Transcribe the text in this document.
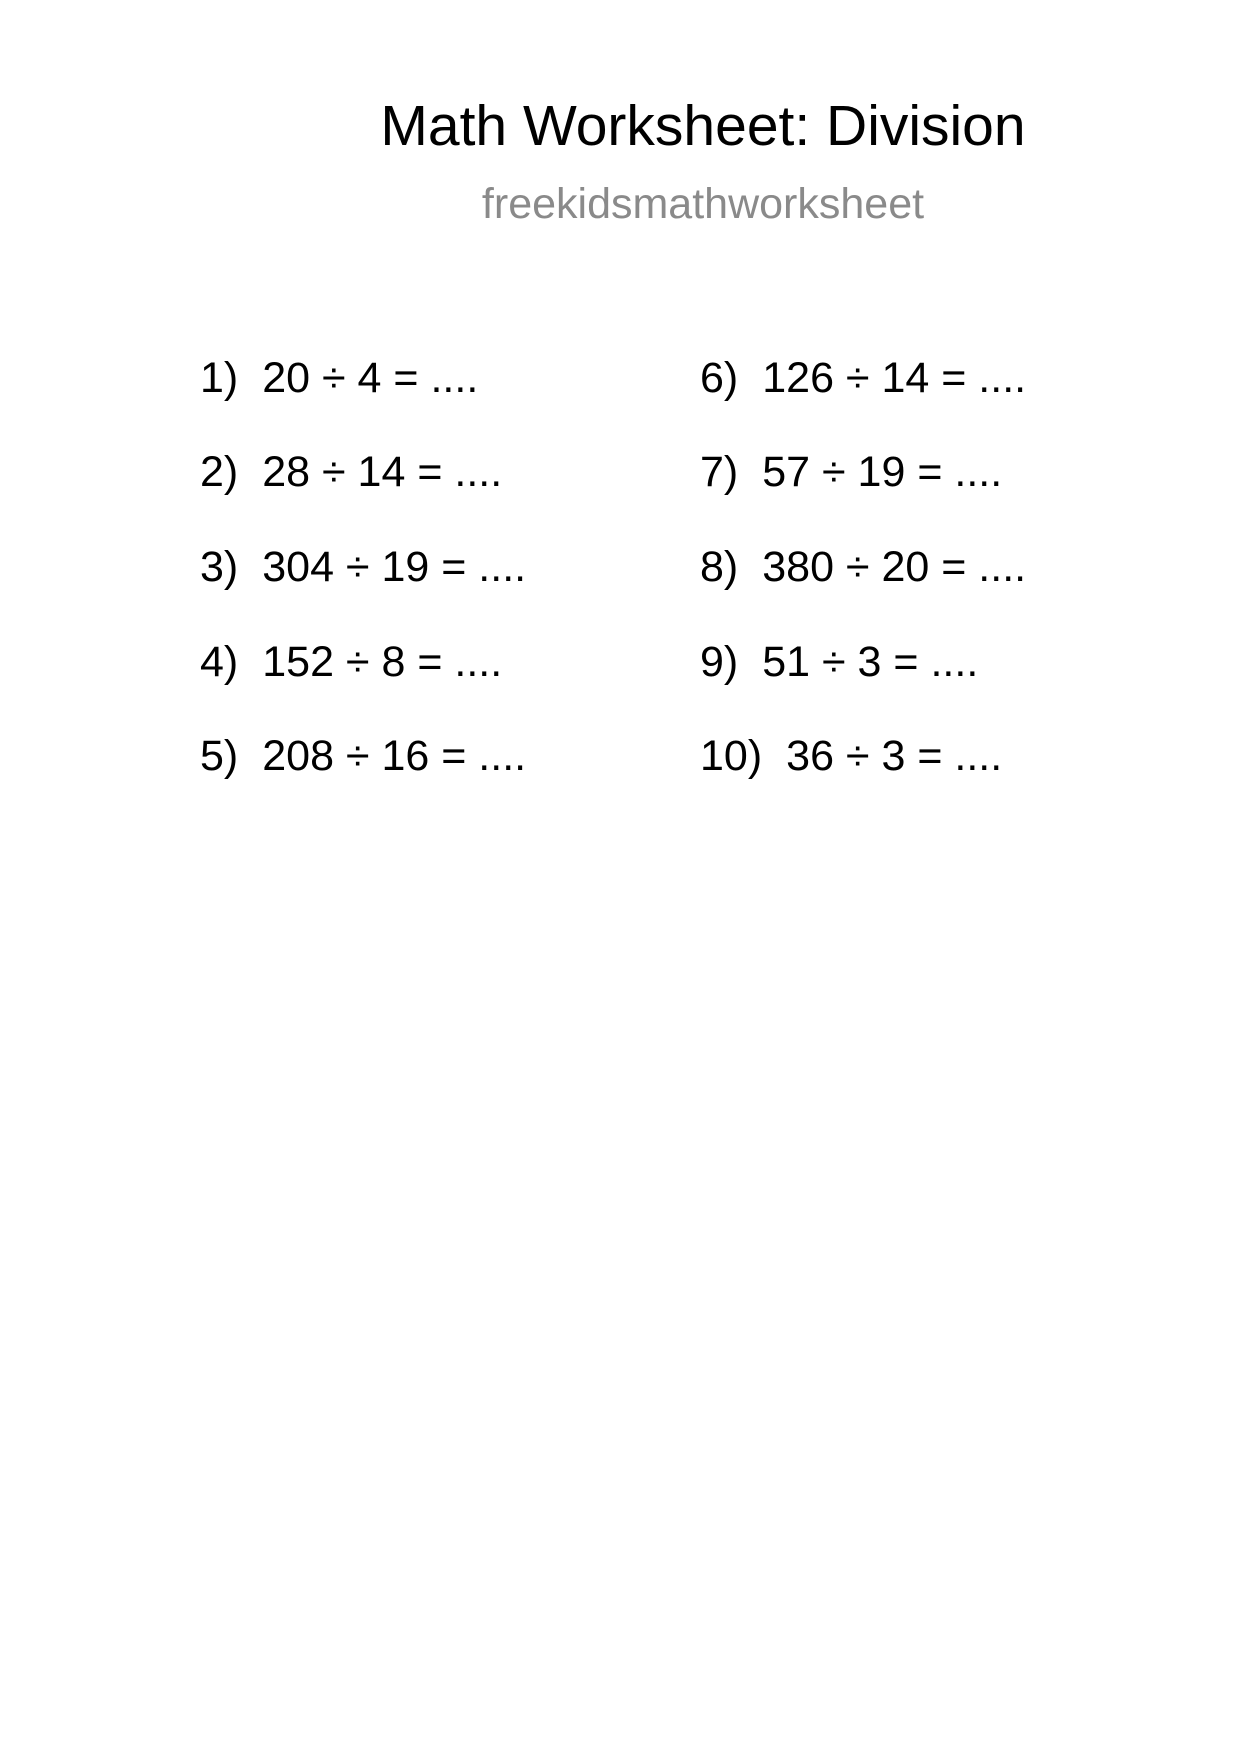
Math Worksheet: Division
freekidsmathworksheet
1) 20 ÷ 4 = ....
2) 28 ÷ 14 = ....
3) 304 ÷ 19 = ....
4) 152 ÷ 8 = ....
5) 208 ÷ 16 = ....
6) 126 ÷ 14 = ....
7) 57 ÷ 19 = ....
8) 380 ÷ 20 = ....
9) 51 ÷ 3 = ....
10) 36 ÷ 3 = ....
